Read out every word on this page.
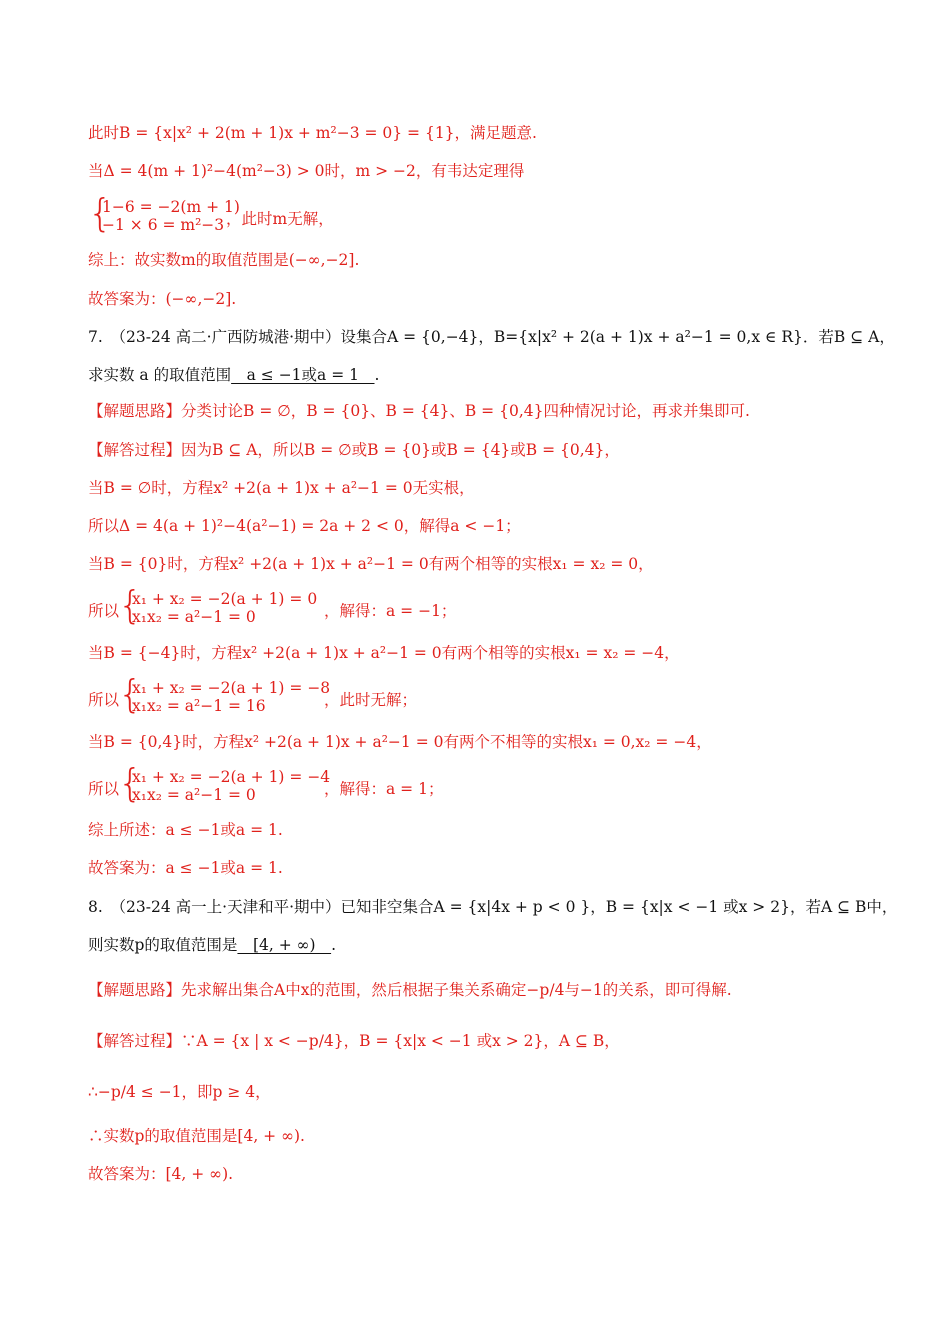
此时B = {x|x² + 2(m + 1)x + m²−3 = 0} = {1}，满足题意.
当Δ = 4(m + 1)²−4(m²−3) > 0时，m > −2，有韦达定理得
{
1−6 = −2(m + 1)
−1 × 6 = m²−3 ，此时m无解，
综上：故实数m的取值范围是(−∞,−2].
故答案为：(−∞,−2].
7.　（23-24 高二·广西防城港·期中）设集合A = {0,−4}，B={x|x² + 2(a + 1)x + a²−1 = 0,x ∈ R}．若B ⊆ A，
求实数 a 的取值范围　a ≤ −1或a = 1　.
【解题思路】分类讨论B = ∅，B = {0}、B = {4}、B = {0,4}四种情况讨论，再求并集即可.
【解答过程】因为B ⊆ A，所以B = ∅或B = {0}或B = {4}或B = {0,4}，
当B = ∅时，方程x² +2(a + 1)x + a²−1 = 0无实根，
所以Δ = 4(a + 1)²−4(a²−1) = 2a + 2 < 0，解得a < −1；
当B = {0}时，方程x² +2(a + 1)x + a²−1 = 0有两个相等的实根x₁ = x₂ = 0，
所以
{
x₁ + x₂ = −2(a + 1) = 0
x₁x₂ = a²−1 = 0	，解得：a = −1；
当B = {−4}时，方程x² +2(a + 1)x + a²−1 = 0有两个相等的实根x₁ = x₂ = −4，
所以
{
x₁ + x₂ = −2(a + 1) = −8
x₁x₂ = a²−1 = 16	，此时无解；
当B = {0,4}时，方程x² +2(a + 1)x + a²−1 = 0有两个不相等的实根x₁ = 0,x₂ = −4，
所以
{
x₁ + x₂ = −2(a + 1) = −4
x₁x₂ = a²−1 = 0	，解得：a = 1；
综上所述：a ≤ −1或a = 1.
故答案为：a ≤ −1或a = 1.
8.　（23-24 高一上·天津和平·期中）已知非空集合A = {x|4x + p < 0 }，B = {x|x < −1 或x > 2}，若A ⊆ B中，
则实数p的取值范围是　[4, + ∞)　.
【解题思路】先求解出集合A中x的范围，然后根据子集关系确定−p/4与−1的关系，即可得解.
【解答过程】∵A = {x | x < −p/4}，B = {x|x < −1 或x > 2}，A ⊆ B，
∴−p/4 ≤ −1，即p ≥ 4，
∴实数p的取值范围是[4, + ∞).
故答案为：[4, + ∞).
